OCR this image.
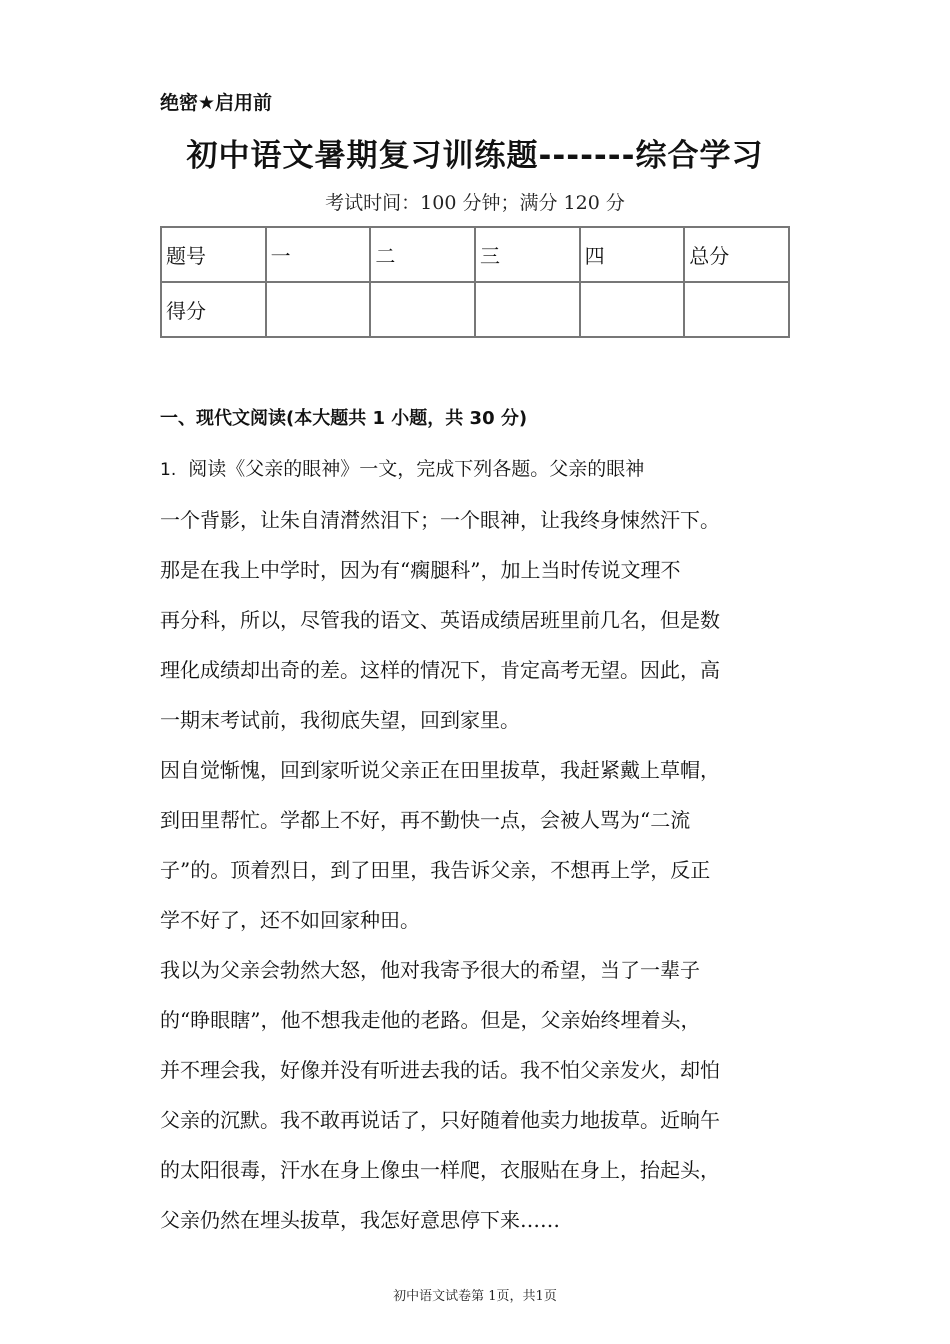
绝密★启用前
初中语文暑期复习训练题-------综合学习
考试时间：100 分钟；满分 120 分
题号	一	二	三	四	总分
得分					
一、现代文阅读(本大题共 1 小题，共 30 分)
1. 阅读《父亲的眼神》一文，完成下列各题。父亲的眼神
一个背影，让朱自清潸然泪下；一个眼神，让我终身悚然汗下。
那是在我上中学时，因为有“瘸腿科”，加上当时传说文理不
再分科，所以，尽管我的语文、英语成绩居班里前几名，但是数
理化成绩却出奇的差。这样的情况下，肯定高考无望。因此，高
一期末考试前，我彻底失望，回到家里。
因自觉惭愧，回到家听说父亲正在田里拔草，我赶紧戴上草帽，
到田里帮忙。学都上不好，再不勤快一点，会被人骂为“二流
子”的。顶着烈日，到了田里，我告诉父亲，不想再上学，反正
学不好了，还不如回家种田。
我以为父亲会勃然大怒，他对我寄予很大的希望，当了一辈子
的“睁眼瞎”，他不想我走他的老路。但是，父亲始终埋着头，
并不理会我，好像并没有听进去我的话。我不怕父亲发火，却怕
父亲的沉默。我不敢再说话了，只好随着他卖力地拔草。近晌午
的太阳很毒，汗水在身上像虫一样爬，衣服贴在身上，抬起头，
父亲仍然在埋头拔草，我怎好意思停下来……
初中语文试卷第 1页，共1页
